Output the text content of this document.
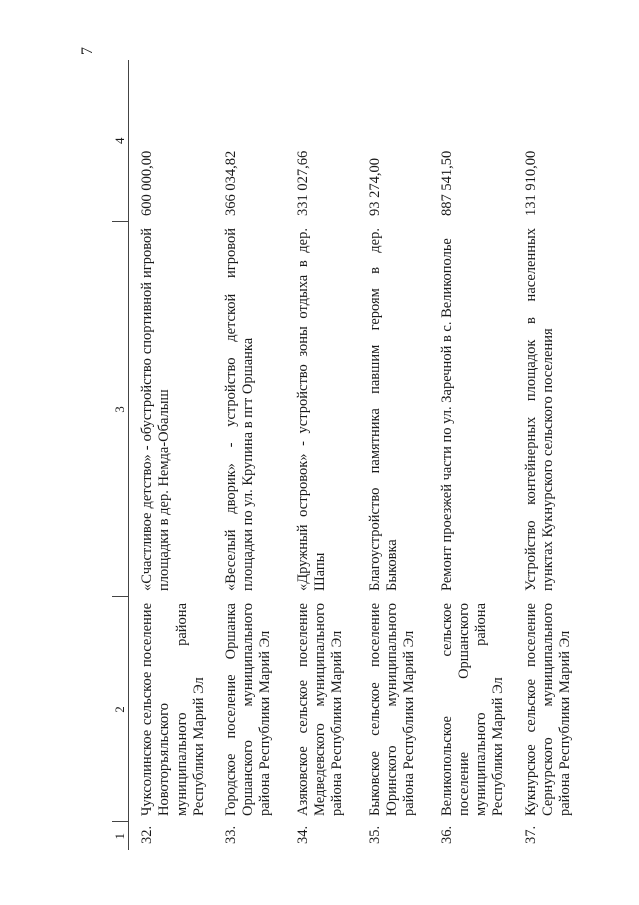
7
1	2	3	4
32.	Чуксолинское сельское поселение Новоторъяльского муниципального района Республики Марий Эл	«Счастливое детство» - обустройство спортивной игровой площадки в дер. Немда-Обалыш	600 000,00
33.	Городское поселение Оршанка Оршанского муниципального района Республики Марий Эл	«Веселый дворик» - устройство детской игровой площадки по ул. Крупина в пгт Оршанка	366 034,82
34.	Азяковское сельское поселение Медведевского муниципального района Республики Марий Эл	«Дружный островок» - устройство зоны отдыха в дер. Шапы	331 027,66
35.	Быковское сельское поселение Юринского муниципального района Республики Марий Эл	Благоустройство памятника павшим героям в дер. Быковка	93 274,00
36.	Великопольское сельское поселение Оршанского муниципального района Республики Марий Эл	Ремонт проезжей части по ул. Заречной в с. Великополье	887 541,50
37.	Кукнурское сельское поселение Сернурского муниципального района Республики Марий Эл	Устройство контейнерных площадок в населенных пунктах Кукнурского сельского поселения	131 910,00
